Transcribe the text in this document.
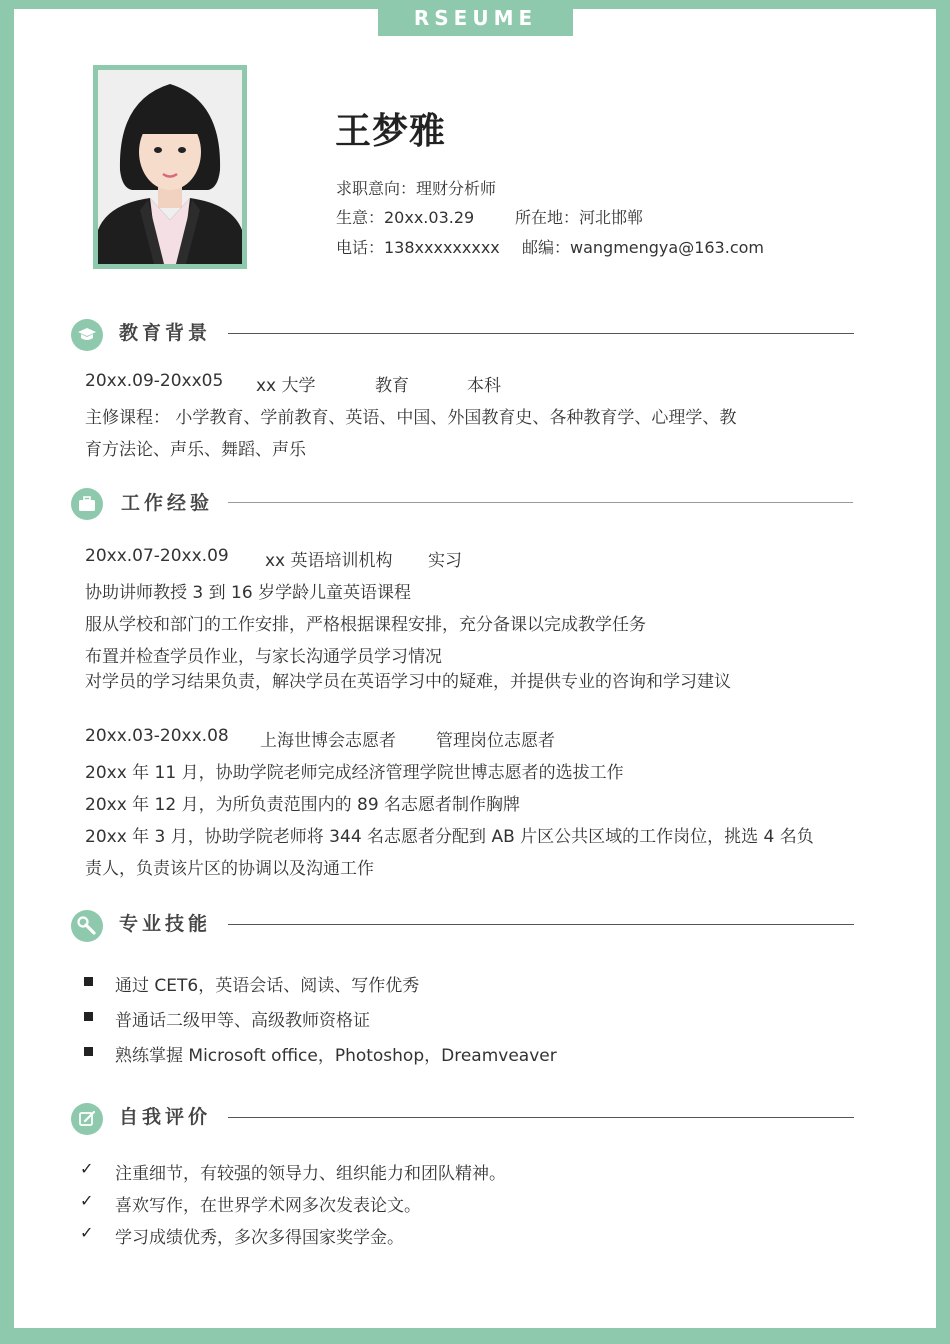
RSEUME
王梦雅
求职意向：理财分析师
生意：20xx.03.29	所在地：河北邯郸
电话：138xxxxxxxxx 邮编：wangmengya@163.com
教育背景
20xx.09-20xx05 xx 大学	教育	本科
主修课程： 小学教育、学前教育、英语、中国、外国教育史、各种教育学、心理学、教
育方法论、声乐、舞蹈、声乐
工作经验
20xx.07-20xx.09 xx 英语培训机构 实习
协助讲师教授 3 到 16 岁学龄儿童英语课程
服从学校和部门的工作安排，严格根据课程安排，充分备课以完成教学任务
布置并检查学员作业，与家长沟通学员学习情况
对学员的学习结果负责，解决学员在英语学习中的疑难，并提供专业的咨询和学习建议
20xx.03-20xx.08 上海世博会志愿者 管理岗位志愿者
20xx 年 11 月，协助学院老师完成经济管理学院世博志愿者的选拔工作
20xx 年 12 月，为所负责范围内的 89 名志愿者制作胸牌
20xx 年 3 月，协助学院老师将 344 名志愿者分配到 AB 片区公共区域的工作岗位，挑选 4 名负
责人，负责该片区的协调以及沟通工作
专业技能
通过 CET6，英语会话、阅读、写作优秀
普通话二级甲等、高级教师资格证
熟练掌握 Microsoft office，Photoshop，Dreamveaver
自我评价
✓ 注重细节，有较强的领导力、组织能力和团队精神。
✓ 喜欢写作，在世界学术网多次发表论文。
✓ 学习成绩优秀，多次多得国家奖学金。
